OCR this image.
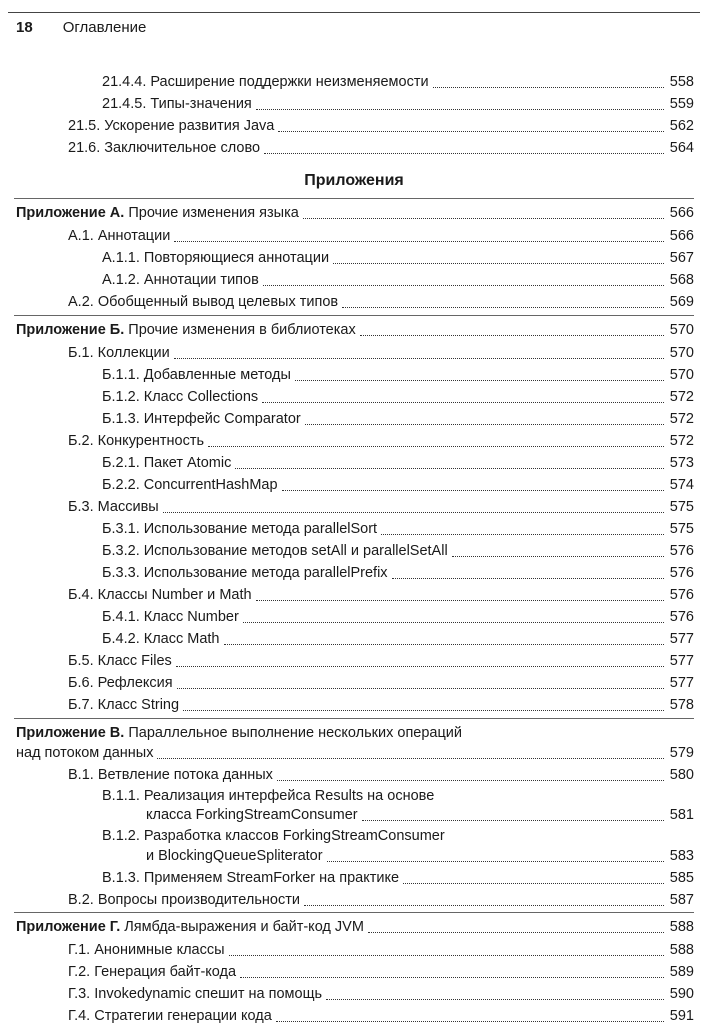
18 Оглавление
21.4.4. Расширение поддержки неизменяемости	558
21.4.5. Типы-значения	559
21.5. Ускорение развития Java	562
21.6. Заключительное слово	564
Приложения
Приложение А. Прочие изменения языка	566
А.1. Аннотации	566
А.1.1. Повторяющиеся аннотации	567
А.1.2. Аннотации типов	568
А.2. Обобщенный вывод целевых типов	569
Приложение Б. Прочие изменения в библиотеках	570
Б.1. Коллекции	570
Б.1.1. Добавленные методы	570
Б.1.2. Класс Collections	572
Б.1.3. Интерфейс Comparator	572
Б.2. Конкурентность	572
Б.2.1. Пакет Atomic	573
Б.2.2. ConcurrentHashMap	574
Б.3. Массивы	575
Б.3.1. Использование метода parallelSort	575
Б.3.2. Использование методов setAll и parallelSetAll	576
Б.3.3. Использование метода parallelPrefix	576
Б.4. Классы Number и Math	576
Б.4.1. Класс Number	576
Б.4.2. Класс Math	577
Б.5. Класс Files	577
Б.6. Рефлексия	577
Б.7. Класс String	578
Приложение В. Параллельное выполнение нескольких операций
над потоком данных	579
В.1. Ветвление потока данных	580
В.1.1. Реализация интерфейса Results на основе
класса ForkingStreamConsumer	581
В.1.2. Разработка классов ForkingStreamConsumer
и BlockingQueueSpliterator	583
В.1.3. Применяем StreamForker на практике	585
В.2. Вопросы производительности	587
Приложение Г. Лямбда-выражения и байт-код JVM	588
Г.1. Анонимные классы	588
Г.2. Генерация байт-кода	589
Г.3. Invokedynamic спешит на помощь	590
Г.4. Стратегии генерации кода	591
